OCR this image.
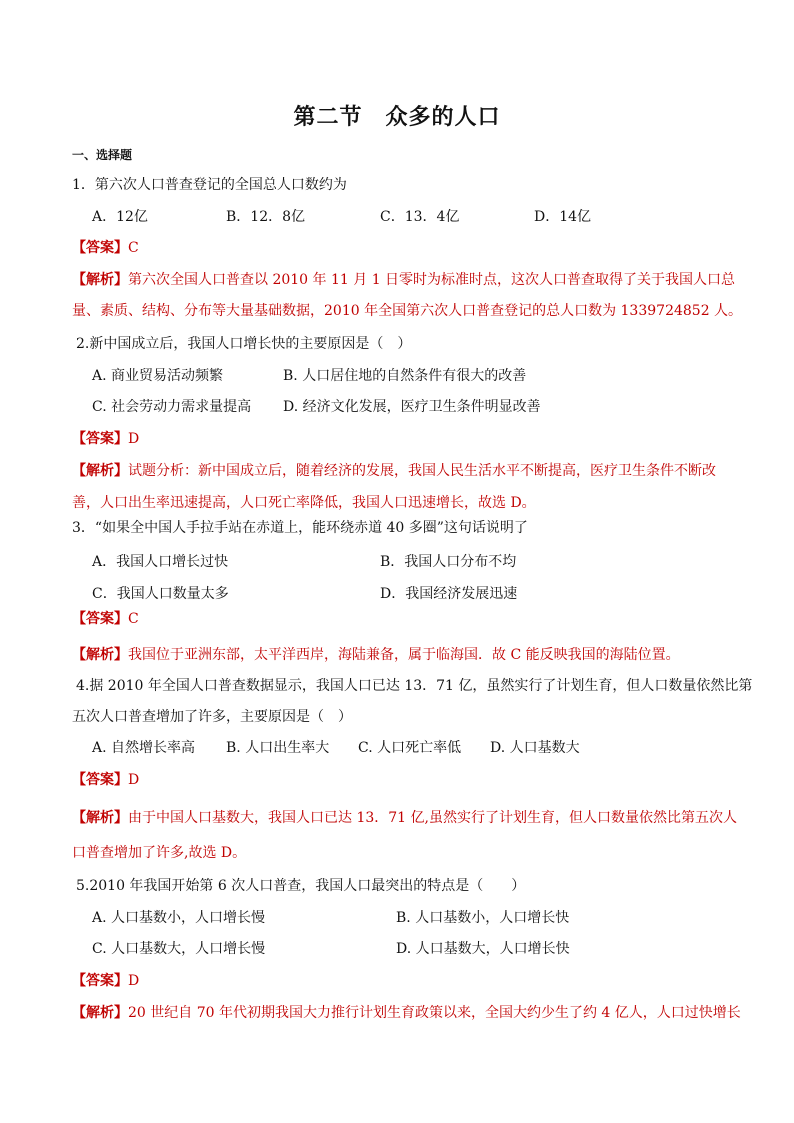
第二节　众多的人口
一、选择题
1．第六次人口普查登记的全国总人口数约为
A．12亿	B．12．8亿	C．13．4亿	D．14亿
【答案】C
【解析】第六次全国人口普查以 2010 年 11 月 1 日零时为标准时点，这次人口普查取得了关于我国人口总
量、素质、结构、分布等大量基础数据，2010 年全国第六次人口普查登记的总人口数为 1339724852 人。
2.新中国成立后，我国人口增长快的主要原因是（　）
A. 商业贸易活动频繁	B. 人口居住地的自然条件有很大的改善
C. 社会劳动力需求量提高 D. 经济文化发展，医疗卫生条件明显改善
【答案】D
【解析】试题分析：新中国成立后，随着经济的发展，我国人民生活水平不断提高，医疗卫生条件不断改
善，人口出生率迅速提高，人口死亡率降低，我国人口迅速增长，故选 D。
3．“如果全中国人手拉手站在赤道上，能环绕赤道 40 多圈”这句话说明了
A．我国人口增长过快	B．我国人口分布不均
C．我国人口数量太多	D．我国经济发展迅速
【答案】C
【解析】我国位于亚洲东部，太平洋西岸，海陆兼备，属于临海国．故 C 能反映我国的海陆位置。
4.据 2010 年全国人口普查数据显示，我国人口已达 13．71 亿，虽然实行了计划生育，但人口数量依然比第
五次人口普查增加了许多，主要原因是（　）
A. 自然增长率高 B. 人口出生率大 C. 人口死亡率低 D. 人口基数大
【答案】D
【解析】由于中国人口基数大，我国人口已达 13．71 亿,虽然实行了计划生育，但人口数量依然比第五次人
口普查增加了许多,故选 D。
5.2010 年我国开始第 6 次人口普查，我国人口最突出的特点是（　　）
A. 人口基数小，人口增长慢	B. 人口基数小，人口增长快
C. 人口基数大，人口增长慢	D. 人口基数大，人口增长快
【答案】D
【解析】20 世纪自 70 年代初期我国大力推行计划生育政策以来，全国大约少生了约 4 亿人，人口过快增长
